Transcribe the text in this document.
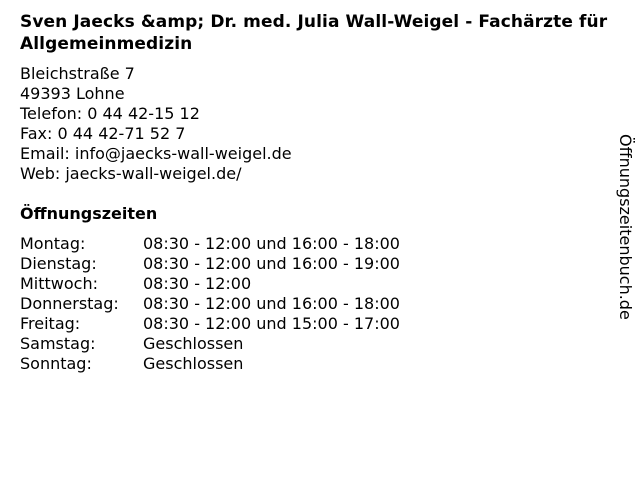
Sven Jaecks &amp; Dr. med. Julia Wall-Weigel - Fachärzte für Allgemeinmedizin
Bleichstraße 7
49393 Lohne
Telefon: 0 44 42-15 12
Fax: 0 44 42-71 52 7
Email: info@jaecks-wall-weigel.de
Web: jaecks-wall-weigel.de/
Öffnungszeiten
Montag:	08:30 - 12:00 und 16:00 - 18:00
Dienstag:	08:30 - 12:00 und 16:00 - 19:00
Mittwoch:	08:30 - 12:00
Donnerstag:	08:30 - 12:00 und 16:00 - 18:00
Freitag:	08:30 - 12:00 und 15:00 - 17:00
Samstag:	Geschlossen
Sonntag:	Geschlossen
Öffnungszeitenbuch.de
